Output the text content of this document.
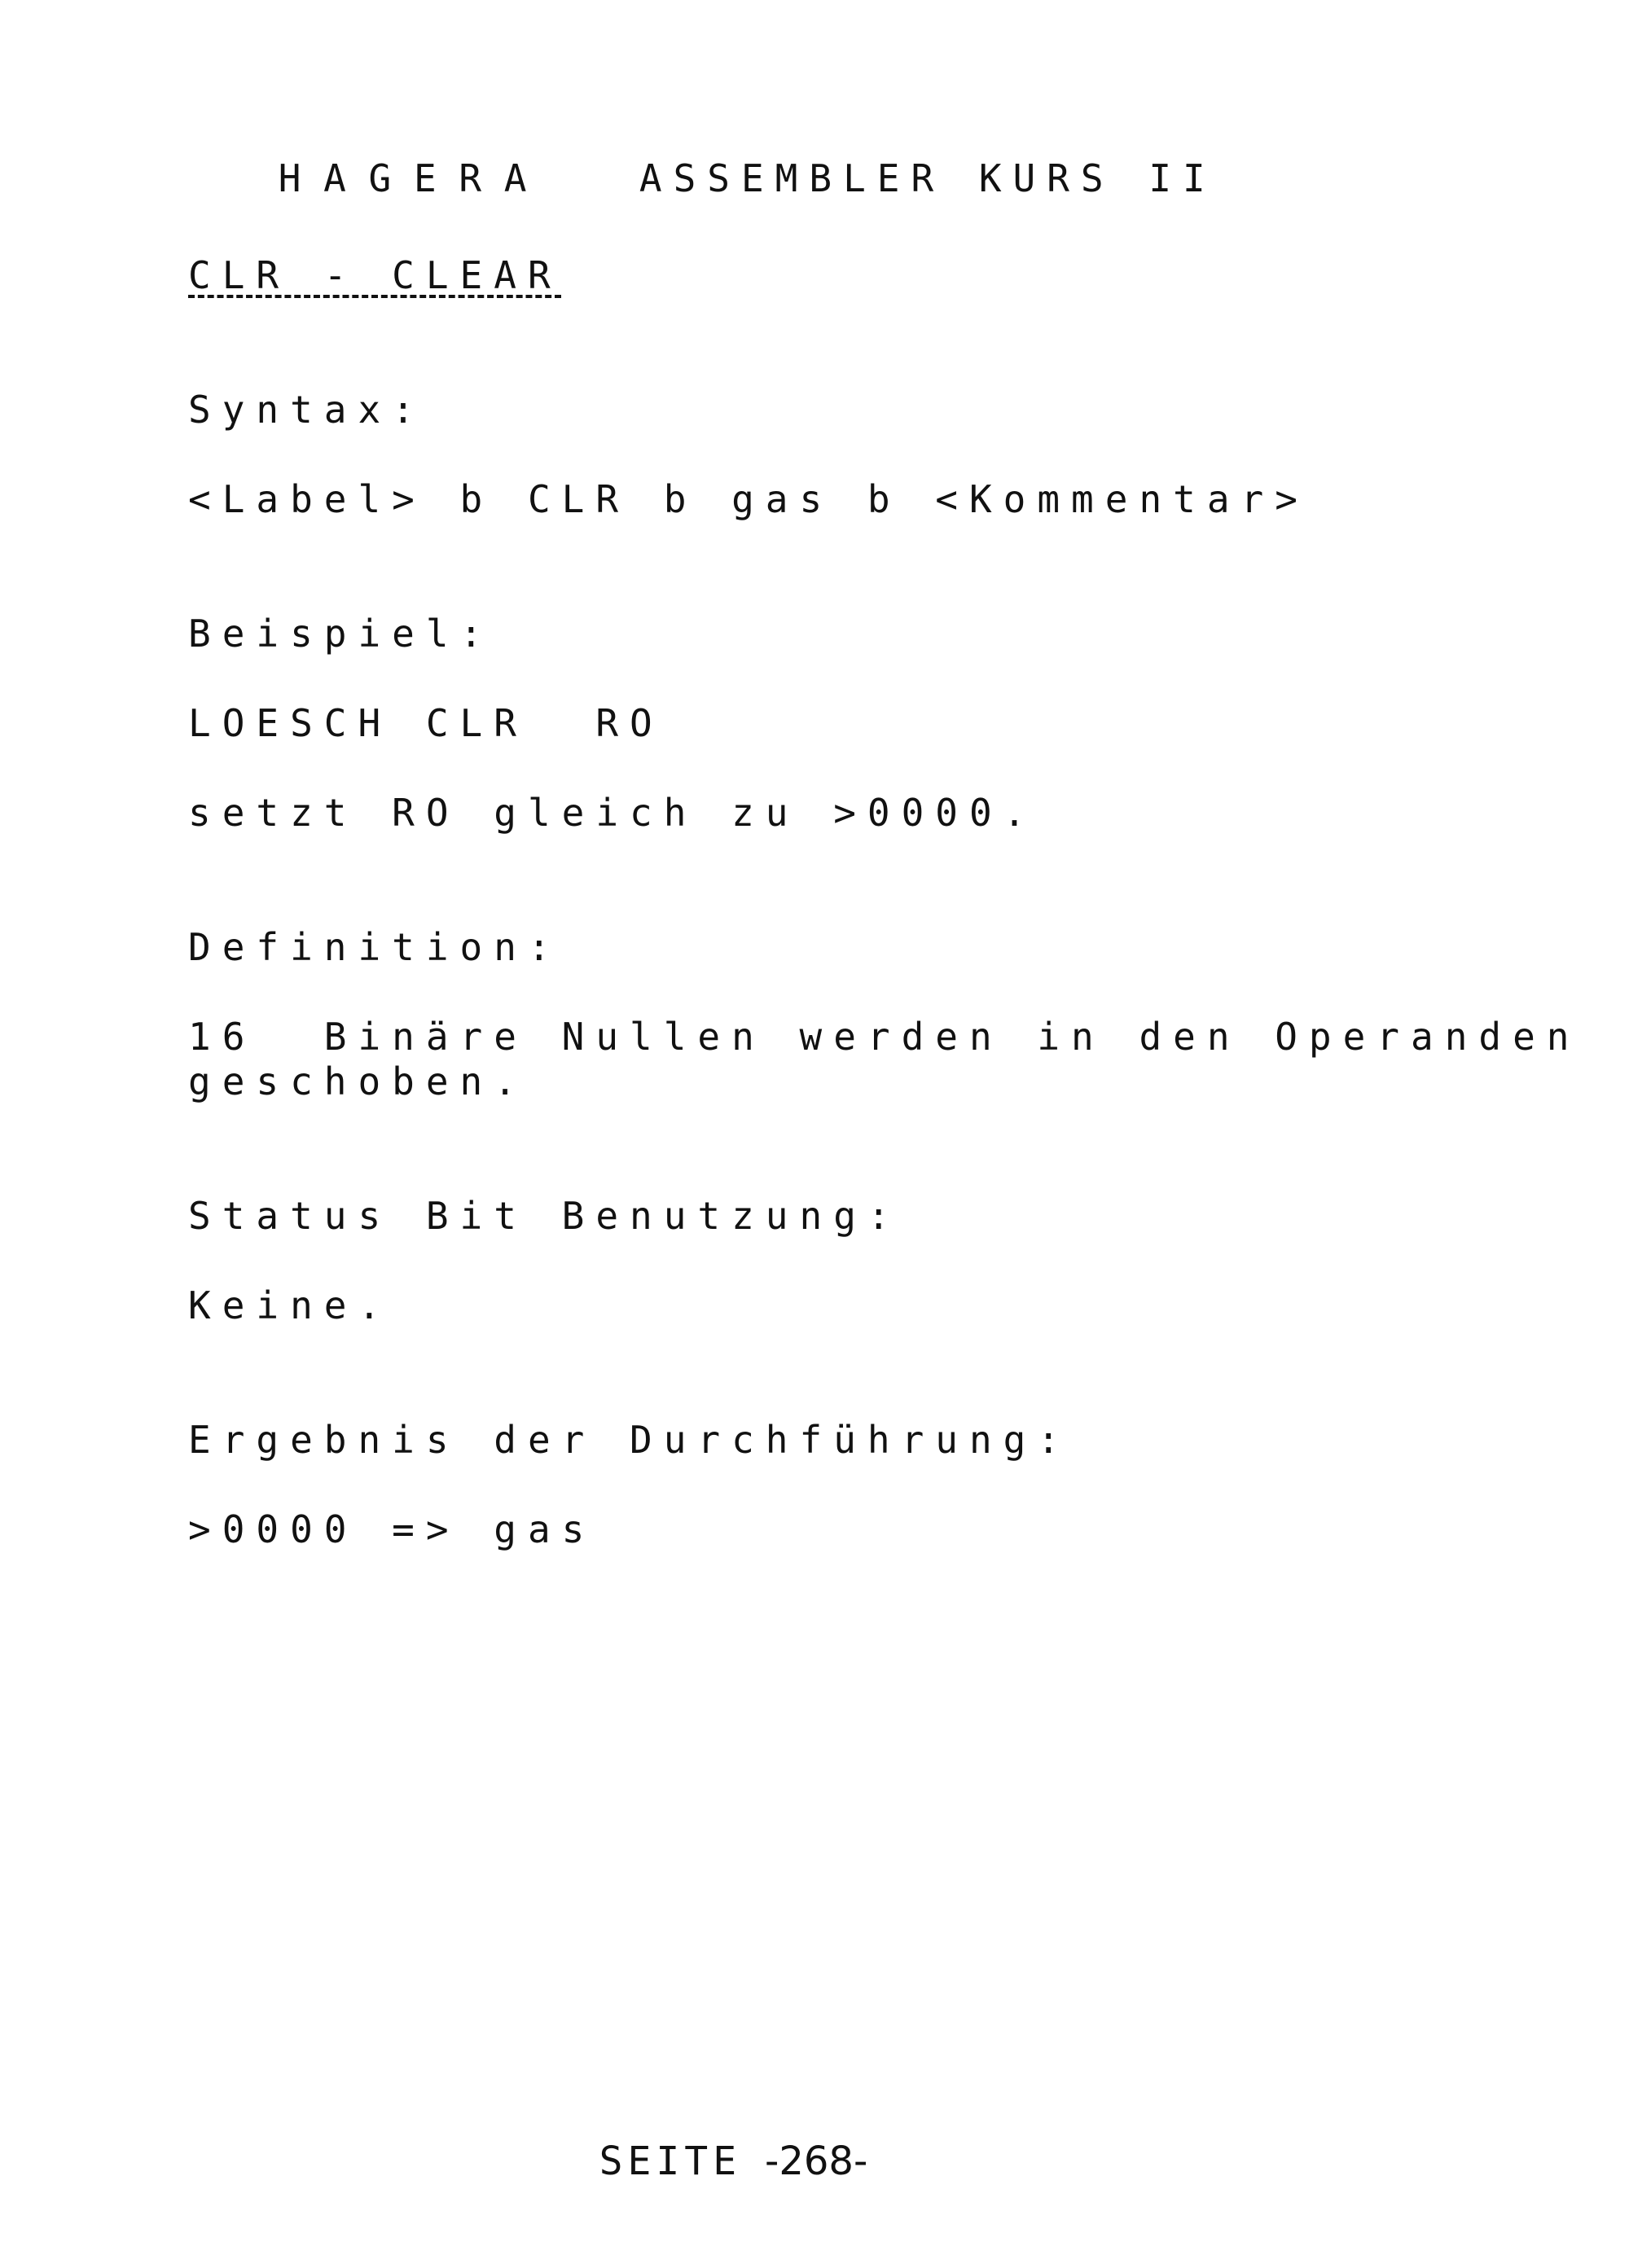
H A G E R A	ASSEMBLER KURS II

CLR - CLEAR
Syntax:
<Label> b CLR b gas b <Kommentar>
Beispiel:
LOESCH CLR  RO
setzt RO gleich zu >0000.
Definition:
16  Binäre Nullen werden in den Operanden
geschoben.
Status Bit Benutzung:
Keine.
Ergebnis der Durchführung:
>0000 => gas

SEITE -268-
